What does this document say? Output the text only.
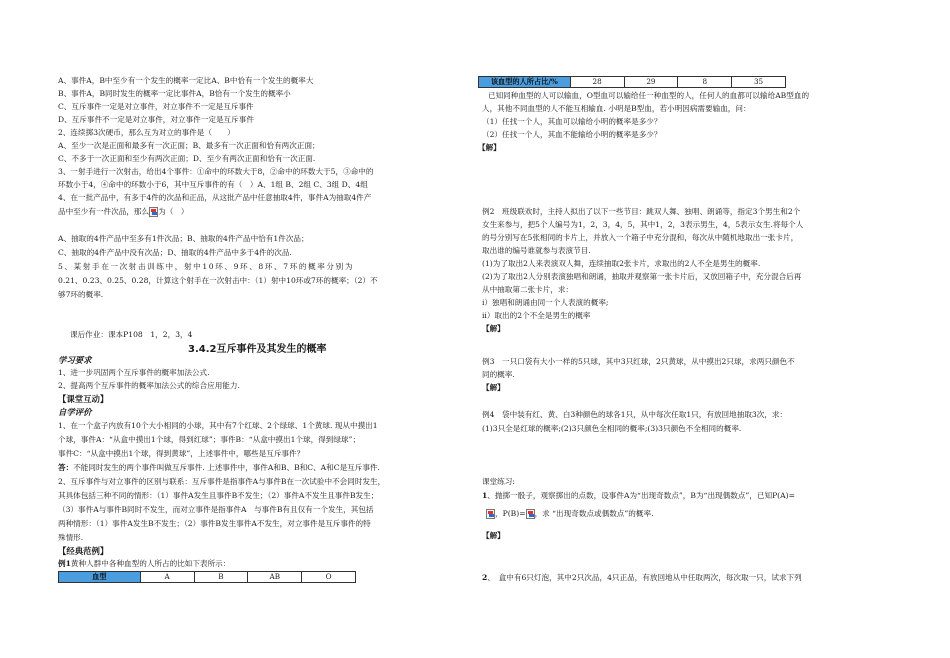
A、事件A，B中至少有一个发生的概率一定比A、B中恰有一个发生的概率大
B、事件A，B同时发生的概率一定比事件A，B恰有一个发生的概率小
C、互斥事件一定是对立事件，对立事件不一定是互斥事件
D、互斥事件不一定是对立事件，对立事件一定是互斥事件
2、连续掷3次硬币，那么互为对立的事件是（　　）
A、至少一次是正面和最多有一次正面；B、最多有一次正面和恰有两次正面；
C、不多于一次正面和至少有两次正面；D、至少有两次正面和恰有一次正面.
3、一射手进行一次射击，给出4个事件：①命中的环数大于8，②命中的环数大于5，③命中的
环数小于4，④命中的环数小于6，其中互斥事件的有（　）A、1组 B、2组 C、3组 D、4组
4、在一批产品中，有多于4件的次品和正品，从这批产品中任意抽取4件，事件A为抽取4件产
品中至少有一件次品，那么 为（　）
A、抽取的4件产品中至多有1件次品；B、抽取的4件产品中恰有1件次品；
C、抽取的4件产品中没有次品；D、抽取的4件产品中多于4件的次品.
5、某射手在一次射击训练中，射中10环、9环、8环、7环的概率分别为
0.21、0.23、0.25、0.28，计算这个射手在一次射击中：（1）射中10环或7环的概率；（2）不
够7环的概率.
课后作业：课本P108　1，2，3，4
3.4.2互斥事件及其发生的概率
学习要求
1、进一步巩固两个互斥事件的概率加法公式.
2、提高两个互斥事件的概率加法公式的综合应用能力.
【课堂互动】
自学评价
1、在一个盒子内放有10个大小相同的小球，其中有7个红球、2个绿球、1个黄球. 现从中摸出1
个球，事件A：“从盒中摸出1个球，得到红球”；事件B：“从盒中摸出1个球，得到绿球”；
事件C：“从盒中摸出1个球，得到黄球”，上述事件中，哪些是互斥事件？
答：不能同时发生的两个事件叫做互斥事件. 上述事件中，事件A和B、B和C、A和C是互斥事件.
2、互斥事件与对立事件的区别与联系：互斥事件是指事件A与事件B在一次试验中不会同时发生，
其具体包括三种不同的情形：（1）事件A发生且事件B不发生；（2）事件A不发生且事件B发生；
（3）事件A与事件B同时不发生，而对立事件是指事件A　与事件B有且仅有一个发生，其包括
两种情形：（1）事件A发生B不发生；（2）事件B发生事件A不发生，对立事件是互斥事件的特
殊情形.
【经典范例】
例1黄种人群中各种血型的人所占的比如下表所示：
血型	A	B	AB	O
该血型的人所占比/%	28	29	8	35
已知同种血型的人可以输血，O型血可以输给任一种血型的人，任何人的血都可以输给AB型血的
人，其他不同血型的人不能互相输血. 小明是B型血，若小明因病需要输血，问：
（1）任找一个人，其血可以输给小明的概率是多少？
（2）任找一个人，其血不能输给小明的概率是多少？
【解】
例2　班级联欢时，主持人拟出了以下一些节目：跳双人舞、独唱、朗诵等，指定3个男生和2个
女生来参与，把5个人编号为1，2，3，4，5，其中1，2，3表示男生，4，5表示女生.将每个人
的号分别写在5张相同的卡片上，并放入一个箱子中充分混和，每次从中随机地取出一张卡片，
取出谁的编号谁就参与表演节目.
(1)为了取出2人来表演双人舞，连续抽取2张卡片，求取出的2人不全是男生的概率.
(2)为了取出2人分别表演独唱和朗诵，抽取并观察第一张卡片后，又放回箱子中，充分混合后再
从中抽取第二张卡片，求：
i）独唱和朗诵由同一个人表演的概率;
ii）取出的2个不全是男生的概率
【解】
例3　一只口袋有大小一样的5只球，其中3只红球，2只黄球，从中摸出2只球，求两只颜色不
同的概率.
【解】
例4　袋中装有红、黄、白3种颜色的球各1只，从中每次任取1只，有放回地抽取3次，求：
(1)3只全是红球的概率;(2)3只颜色全相同的概率;(3)3只颜色不全相同的概率.
课堂练习:
1、抛掷一骰子，观察掷出的点数，设事件A为“出现奇数点”，B为“出现偶数点”，已知P(A)=
，P(B)= ，求 “出现奇数点或偶数点”的概率.
【解】
2、　盒中有6只灯泡，其中2只次品，4只正品，有放回地从中任取两次，每次取一只，试求下列
